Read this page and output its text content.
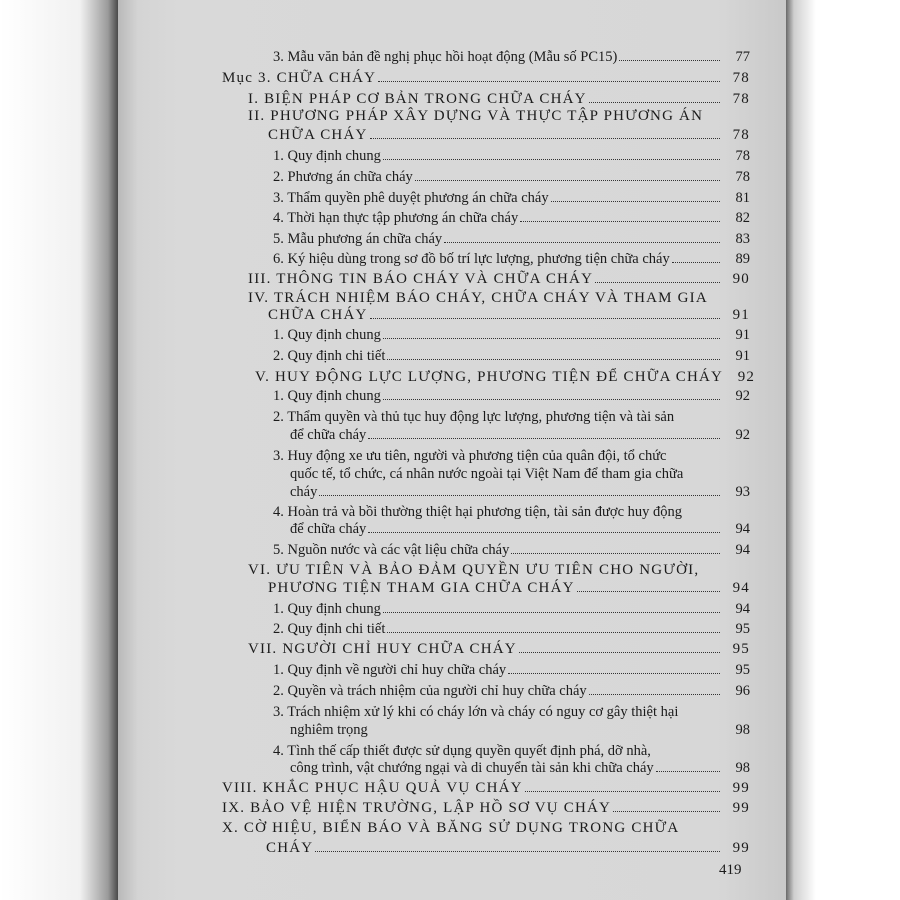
3. Mẫu văn bản đề nghị phục hồi hoạt động (Mẫu số PC15)	77
Mục 3. CHỮA CHÁY	78
I. BIỆN PHÁP CƠ BẢN TRONG CHỮA CHÁY	78
II. PHƯƠNG PHÁP XÂY DỰNG VÀ THỰC TẬP PHƯƠNG ÁN
CHỮA CHÁY	78
1. Quy định chung	78
2. Phương án chữa cháy	78
3. Thẩm quyền phê duyệt phương án chữa cháy	81
4. Thời hạn thực tập phương án chữa cháy	82
5. Mẫu phương án chữa cháy	83
6. Ký hiệu dùng trong sơ đồ bố trí lực lượng, phương tiện chữa cháy	89
III. THÔNG TIN BÁO CHÁY VÀ CHỮA CHÁY	90
IV. TRÁCH NHIỆM BÁO CHÁY, CHỮA CHÁY VÀ THAM GIA
CHỮA CHÁY	91
1. Quy định chung	91
2. Quy định chi tiết	91
V. HUY ĐỘNG LỰC LƯỢNG, PHƯƠNG TIỆN ĐỂ CHỮA CHÁY 92
1. Quy định chung	92
2. Thẩm quyền và thủ tục huy động lực lượng, phương tiện và tài sản
để chữa cháy	92
3. Huy động xe ưu tiên, người và phương tiện của quân đội, tổ chức
quốc tế, tổ chức, cá nhân nước ngoài tại Việt Nam để tham gia chữa
cháy	93
4. Hoàn trả và bồi thường thiệt hại phương tiện, tài sản được huy động
để chữa cháy	94
5. Nguồn nước và các vật liệu chữa cháy	94
VI. ƯU TIÊN VÀ BẢO ĐẢM QUYỀN ƯU TIÊN CHO NGƯỜI,
PHƯƠNG TIỆN THAM GIA CHỮA CHÁY	94
1. Quy định chung	94
2. Quy định chi tiết	95
VII. NGƯỜI CHỈ HUY CHỮA CHÁY	95
1. Quy định về người chỉ huy chữa cháy	95
2. Quyền và trách nhiệm của người chỉ huy chữa cháy	96
3. Trách nhiệm xử lý khi có cháy lớn và cháy có nguy cơ gây thiệt hại
nghiêm trọng	98
4. Tình thế cấp thiết được sử dụng quyền quyết định phá, dỡ nhà,
công trình, vật chướng ngại và di chuyển tài sản khi chữa cháy	98
VIII. KHẮC PHỤC HẬU QUẢ VỤ CHÁY	99
IX. BẢO VỆ HIỆN TRƯỜNG, LẬP HỒ SƠ VỤ CHÁY	99
X. CỜ HIỆU, BIỂN BÁO VÀ BĂNG SỬ DỤNG TRONG CHỮA
CHÁY	99
419
